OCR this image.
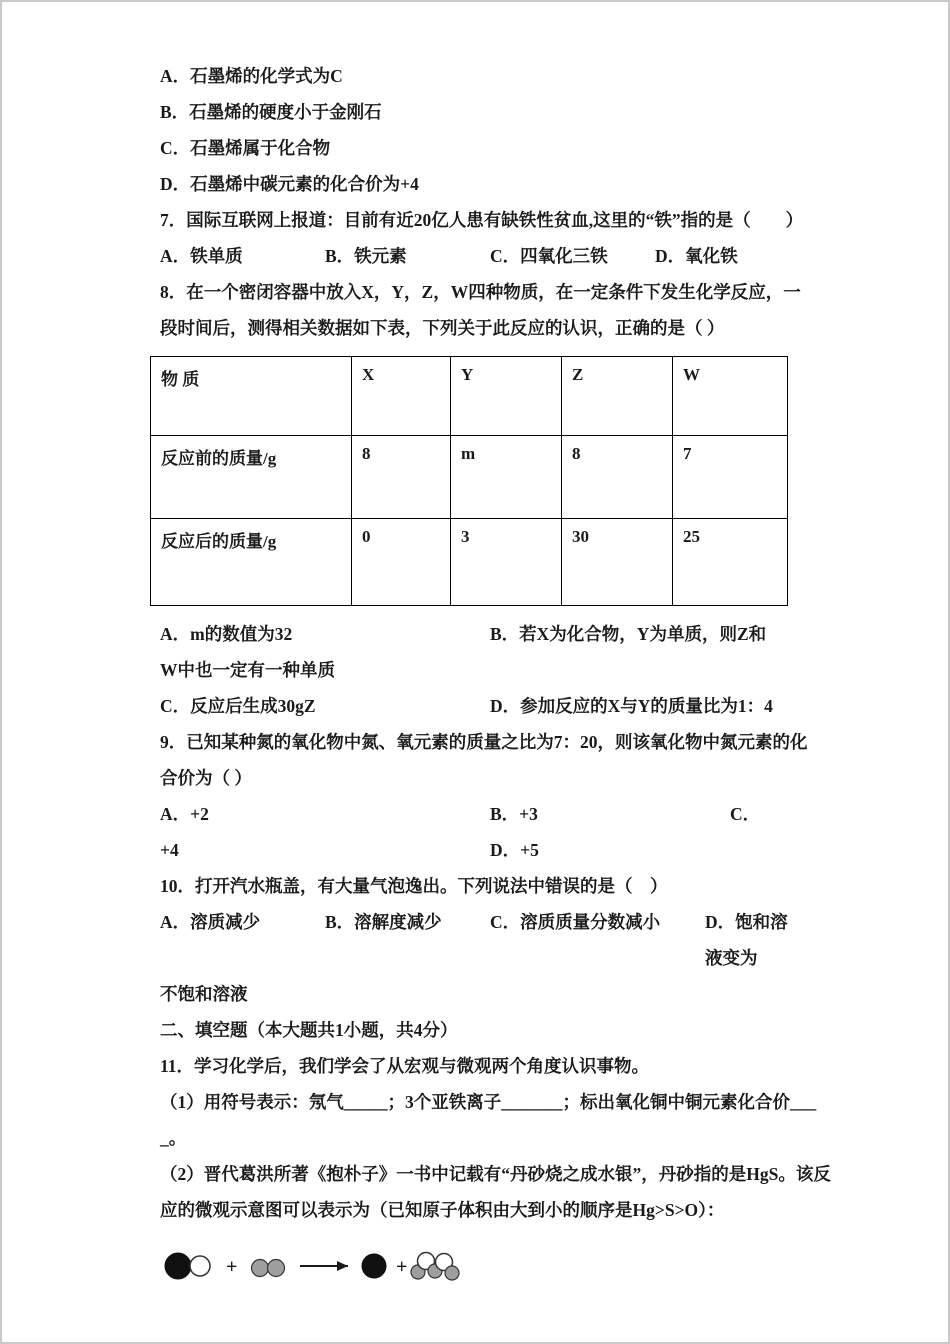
A．石墨烯的化学式为C
B．石墨烯的硬度小于金刚石
C．石墨烯属于化合物
D．石墨烯中碳元素的化合价为+4
7．国际互联网上报道：目前有近20亿人患有缺铁性贫血,这里的“铁”指的是（　　）
A．铁单质	B．铁元素	C．四氧化三铁	D．氧化铁
8．在一个密闭容器中放入X，Y，Z，W四种物质，在一定条件下发生化学反应，一
段时间后，测得相关数据如下表，下列关于此反应的认识，正确的是（ ）
物 质	X	Y	Z	W
反应前的质量/g	8	m	8	7
反应后的质量/g	0	3	30	25
A．m的数值为32	B．若X为化合物，Y为单质，则Z和
W中也一定有一种单质
C．反应后生成30gZ	D．参加反应的X与Y的质量比为1：4
9．已知某种氮的氧化物中氮、氧元素的质量之比为7：20，则该氧化物中氮元素的化
合价为（ ）
A．+2	B．+3	C．
+4	D．+5
10．打开汽水瓶盖，有大量气泡逸出。下列说法中错误的是（　）
A．溶质减少	B．溶解度减少	C．溶质质量分数减小	D．饱和溶液变为
不饱和溶液
二、填空题（本大题共1小题，共4分）
11．学习化学后，我们学会了从宏观与微观两个角度认识事物。
（1）用符号表示：氖气_____；3个亚铁离子_______；标出氧化铜中铜元素化合价___
_。
（2）晋代葛洪所著《抱朴子》一书中记载有“丹砂烧之成水银”，丹砂指的是HgS。该反
应的微观示意图可以表示为（已知原子体积由大到小的顺序是Hg>S>O）：
+	+
